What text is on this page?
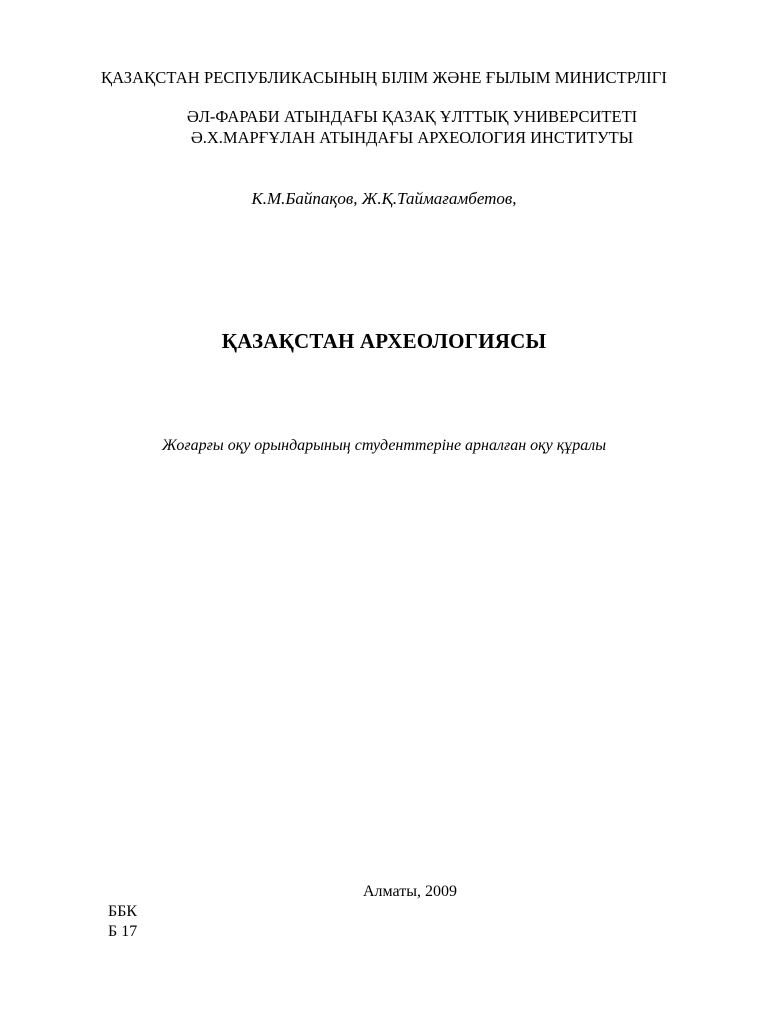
ҚАЗАҚСТАН РЕСПУБЛИКАСЫНЫҢ БІЛІМ ЖӘНЕ ҒЫЛЫМ МИНИСТРЛІГІ
ӘЛ-ФАРАБИ АТЫНДАҒЫ ҚАЗАҚ ҰЛТТЫҚ УНИВЕРСИТЕТІ
Ә.Х.МАРҒҰЛАН АТЫНДАҒЫ АРХЕОЛОГИЯ ИНСТИТУТЫ
К.М.Байпақов, Ж.Қ.Таймағамбетов,
ҚАЗАҚСТАН АРХЕОЛОГИЯСЫ
Жоғарғы оқу орындарының студенттеріне арналған оқу құралы
Алматы, 2009
ББК
Б 17
